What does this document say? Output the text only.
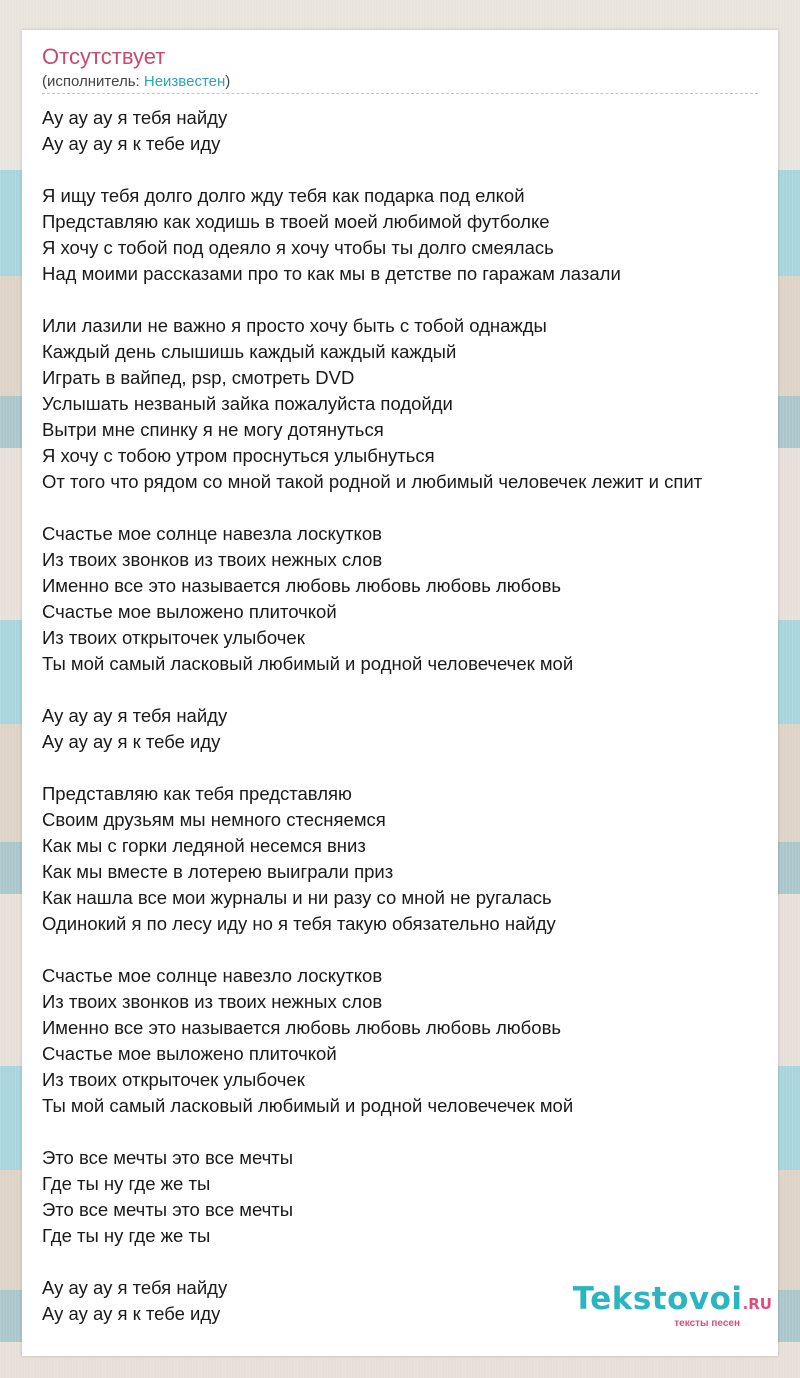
Отсутствует
(исполнитель: Неизвестен)
Ау ау ау я тебя найду
Ау ау ау я к тебе иду
Я ищу тебя долго долго жду тебя как подарка под елкой
Представляю как ходишь в твоей моей любимой футболке
Я хочу с тобой под одеяло я хочу чтобы ты долго смеялась
Над моими рассказами про то как мы в детстве по гаражам лазали
Или лазили не важно я просто хочу быть с тобой однажды
Каждый день слышишь каждый каждый каждый
Играть в вайпед, psp, смотреть DVD
Услышать незваный зайка пожалуйста подойди
Вытри мне спинку я не могу дотянуться
Я хочу с тобою утром проснуться улыбнуться
От того что рядом со мной такой родной и любимый человечек лежит и спит
Счастье мое солнце навезла лоскутков
Из твоих звонков из твоих нежных слов
Именно все это называется любовь любовь любовь любовь
Счастье мое выложено плиточкой
Из твоих открыточек улыбочек
Ты мой самый ласковый любимый и родной человечечек мой
Ау ау ау я тебя найду
Ау ау ау я к тебе иду
Представляю как тебя представляю
Своим друзьям мы немного стесняемся
Как мы с горки ледяной несемся вниз
Как мы вместе в лотерею выиграли приз
Как нашла все мои журналы и ни разу со мной не ругалась
Одинокий я по лесу иду но я тебя такую обязательно найду
Счастье мое солнце навезло лоскутков
Из твоих звонков из твоих нежных слов
Именно все это называется любовь любовь любовь любовь
Счастье мое выложено плиточкой
Из твоих открыточек улыбочек
Ты мой самый ласковый любимый и родной человечечек мой
Это все мечты это все мечты
Где ты ну где же ты
Это все мечты это все мечты
Где ты ну где же ты
Ау ау ау я тебя найду
Ау ау ау я к тебе иду	Tekstovoi.RU
тексты песен
